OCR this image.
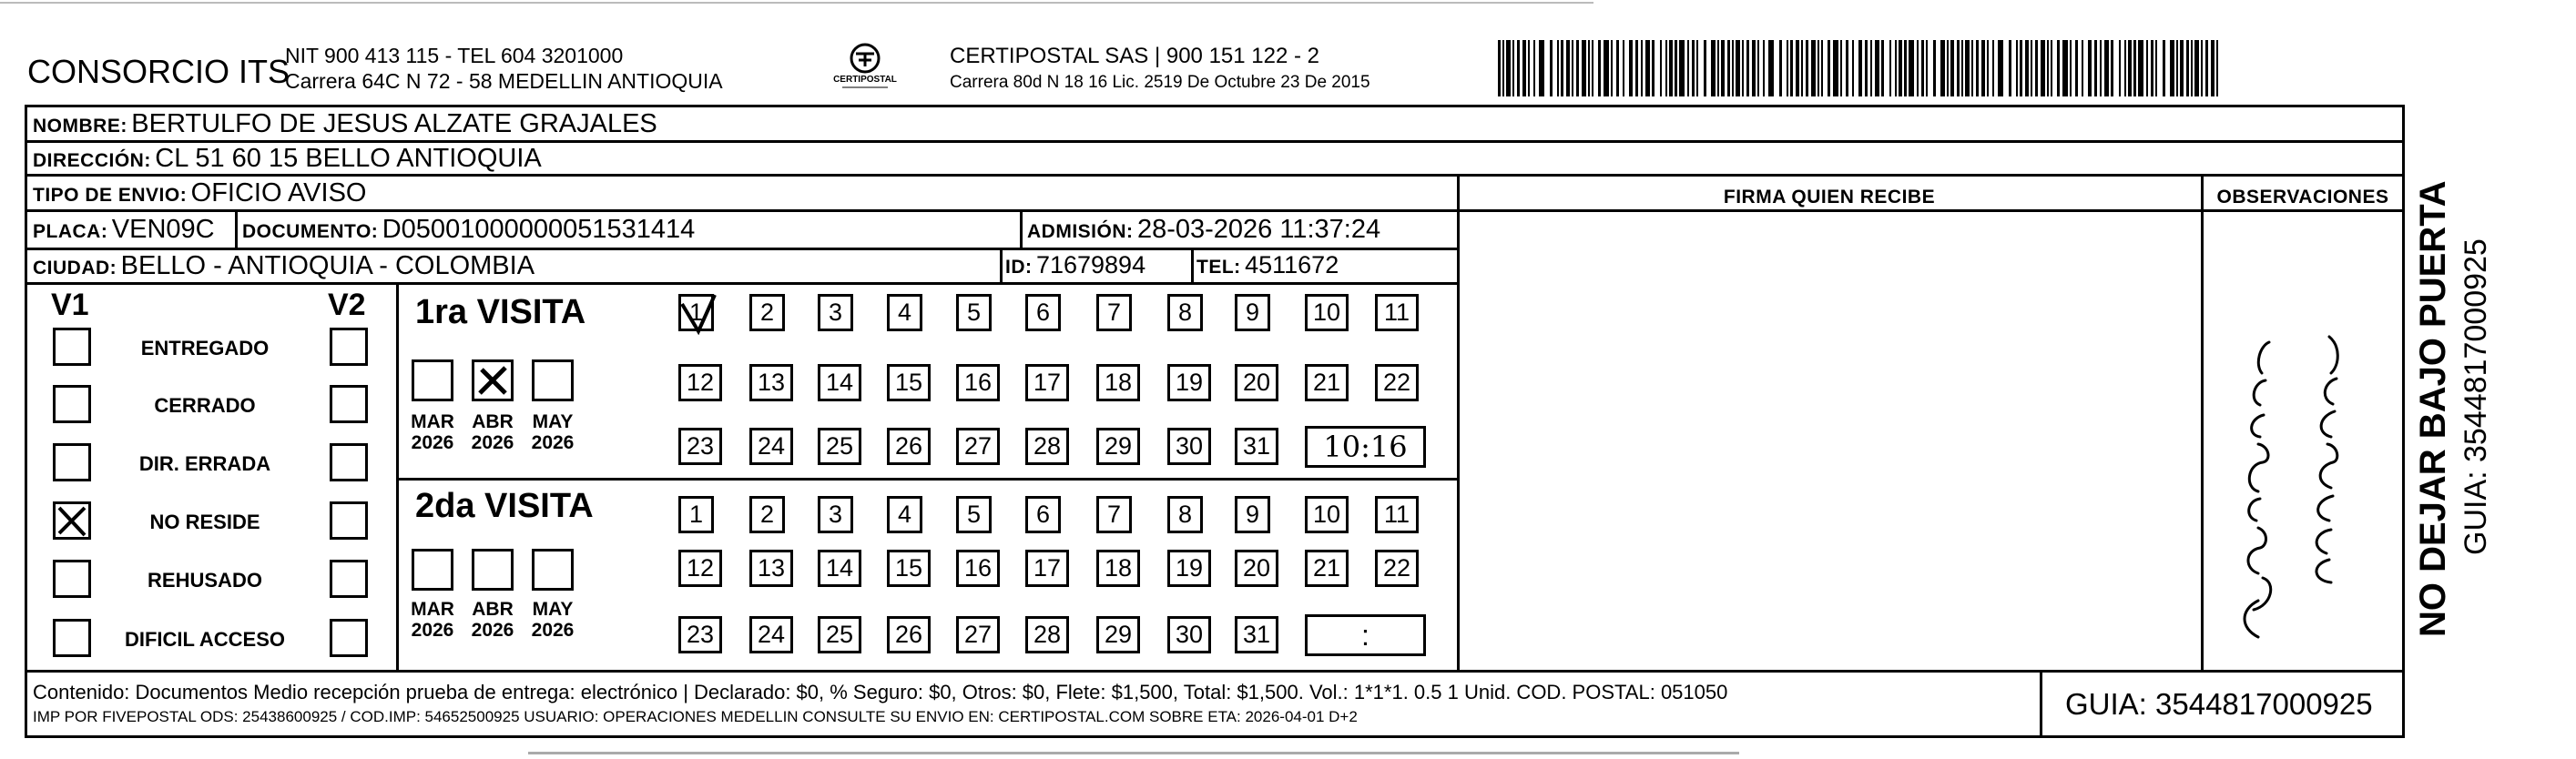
CONSORCIO ITS
NIT 900 413 115 - TEL 604 3201000
Carrera 64C N 72 - 58 MEDELLIN ANTIOQUIA	CERTIPOSTAL
CERTIPOSTAL SAS | 900 151 122 - 2
Carrera 80d N 18 16 Lic. 2519 De Octubre 23 De 2015
NOMBRE: BERTULFO DE JESUS ALZATE GRAJALES
DIRECCIÓN: CL 51 60 15 BELLO ANTIOQUIA
TIPO DE ENVIO: OFICIO AVISO	FIRMA QUIEN RECIBE	OBSERVACIONES
PLACA: VEN09C DOCUMENTO: D05001000000051531414	ADMISIÓN: 28-03-2026 11:37:24
CIUDAD: BELLO - ANTIOQUIA - COLOMBIA	ID: 71679894	TEL: 4511672
V1	V2
ENTREGADO
CERRADO
DIR. ERRADA
NO RESIDE
REHUSADO
DIFICIL ACCESO
1ra VISITA
2da VISITA
MAR
2026
ABR
2026
MAY
2026
MAR
2026
ABR
2026
MAY
2026
1	2	3	4	5	6	7	8	9	10	11
12	13	14	15	16	17	18	19	20	21	22
23	24	25	26	27	28	29	30	31	10:16
1	2	3	4	5	6	7	8	9	10	11
12	13	14	15	16	17	18	19	20	21	22
23	24	25	26	27	28	29	30	31	:
Contenido: Documentos Medio recepción prueba de entrega: electrónico | Declarado: $0, % Seguro: $0, Otros: $0, Flete: $1,500, Total: $1,500. Vol.: 1*1*1. 0.5 1 Unid. COD. POSTAL: 051050
IMP POR FIVEPOSTAL ODS: 25438600925 / COD.IMP: 54652500925 USUARIO: OPERACIONES MEDELLIN CONSULTE SU ENVIO EN: CERTIPOSTAL.COM SOBRE ETA: 2026-04-01 D+2	GUIA: 3544817000925
NO DEJAR BAJO PUERTA GUIA: 3544817000925
